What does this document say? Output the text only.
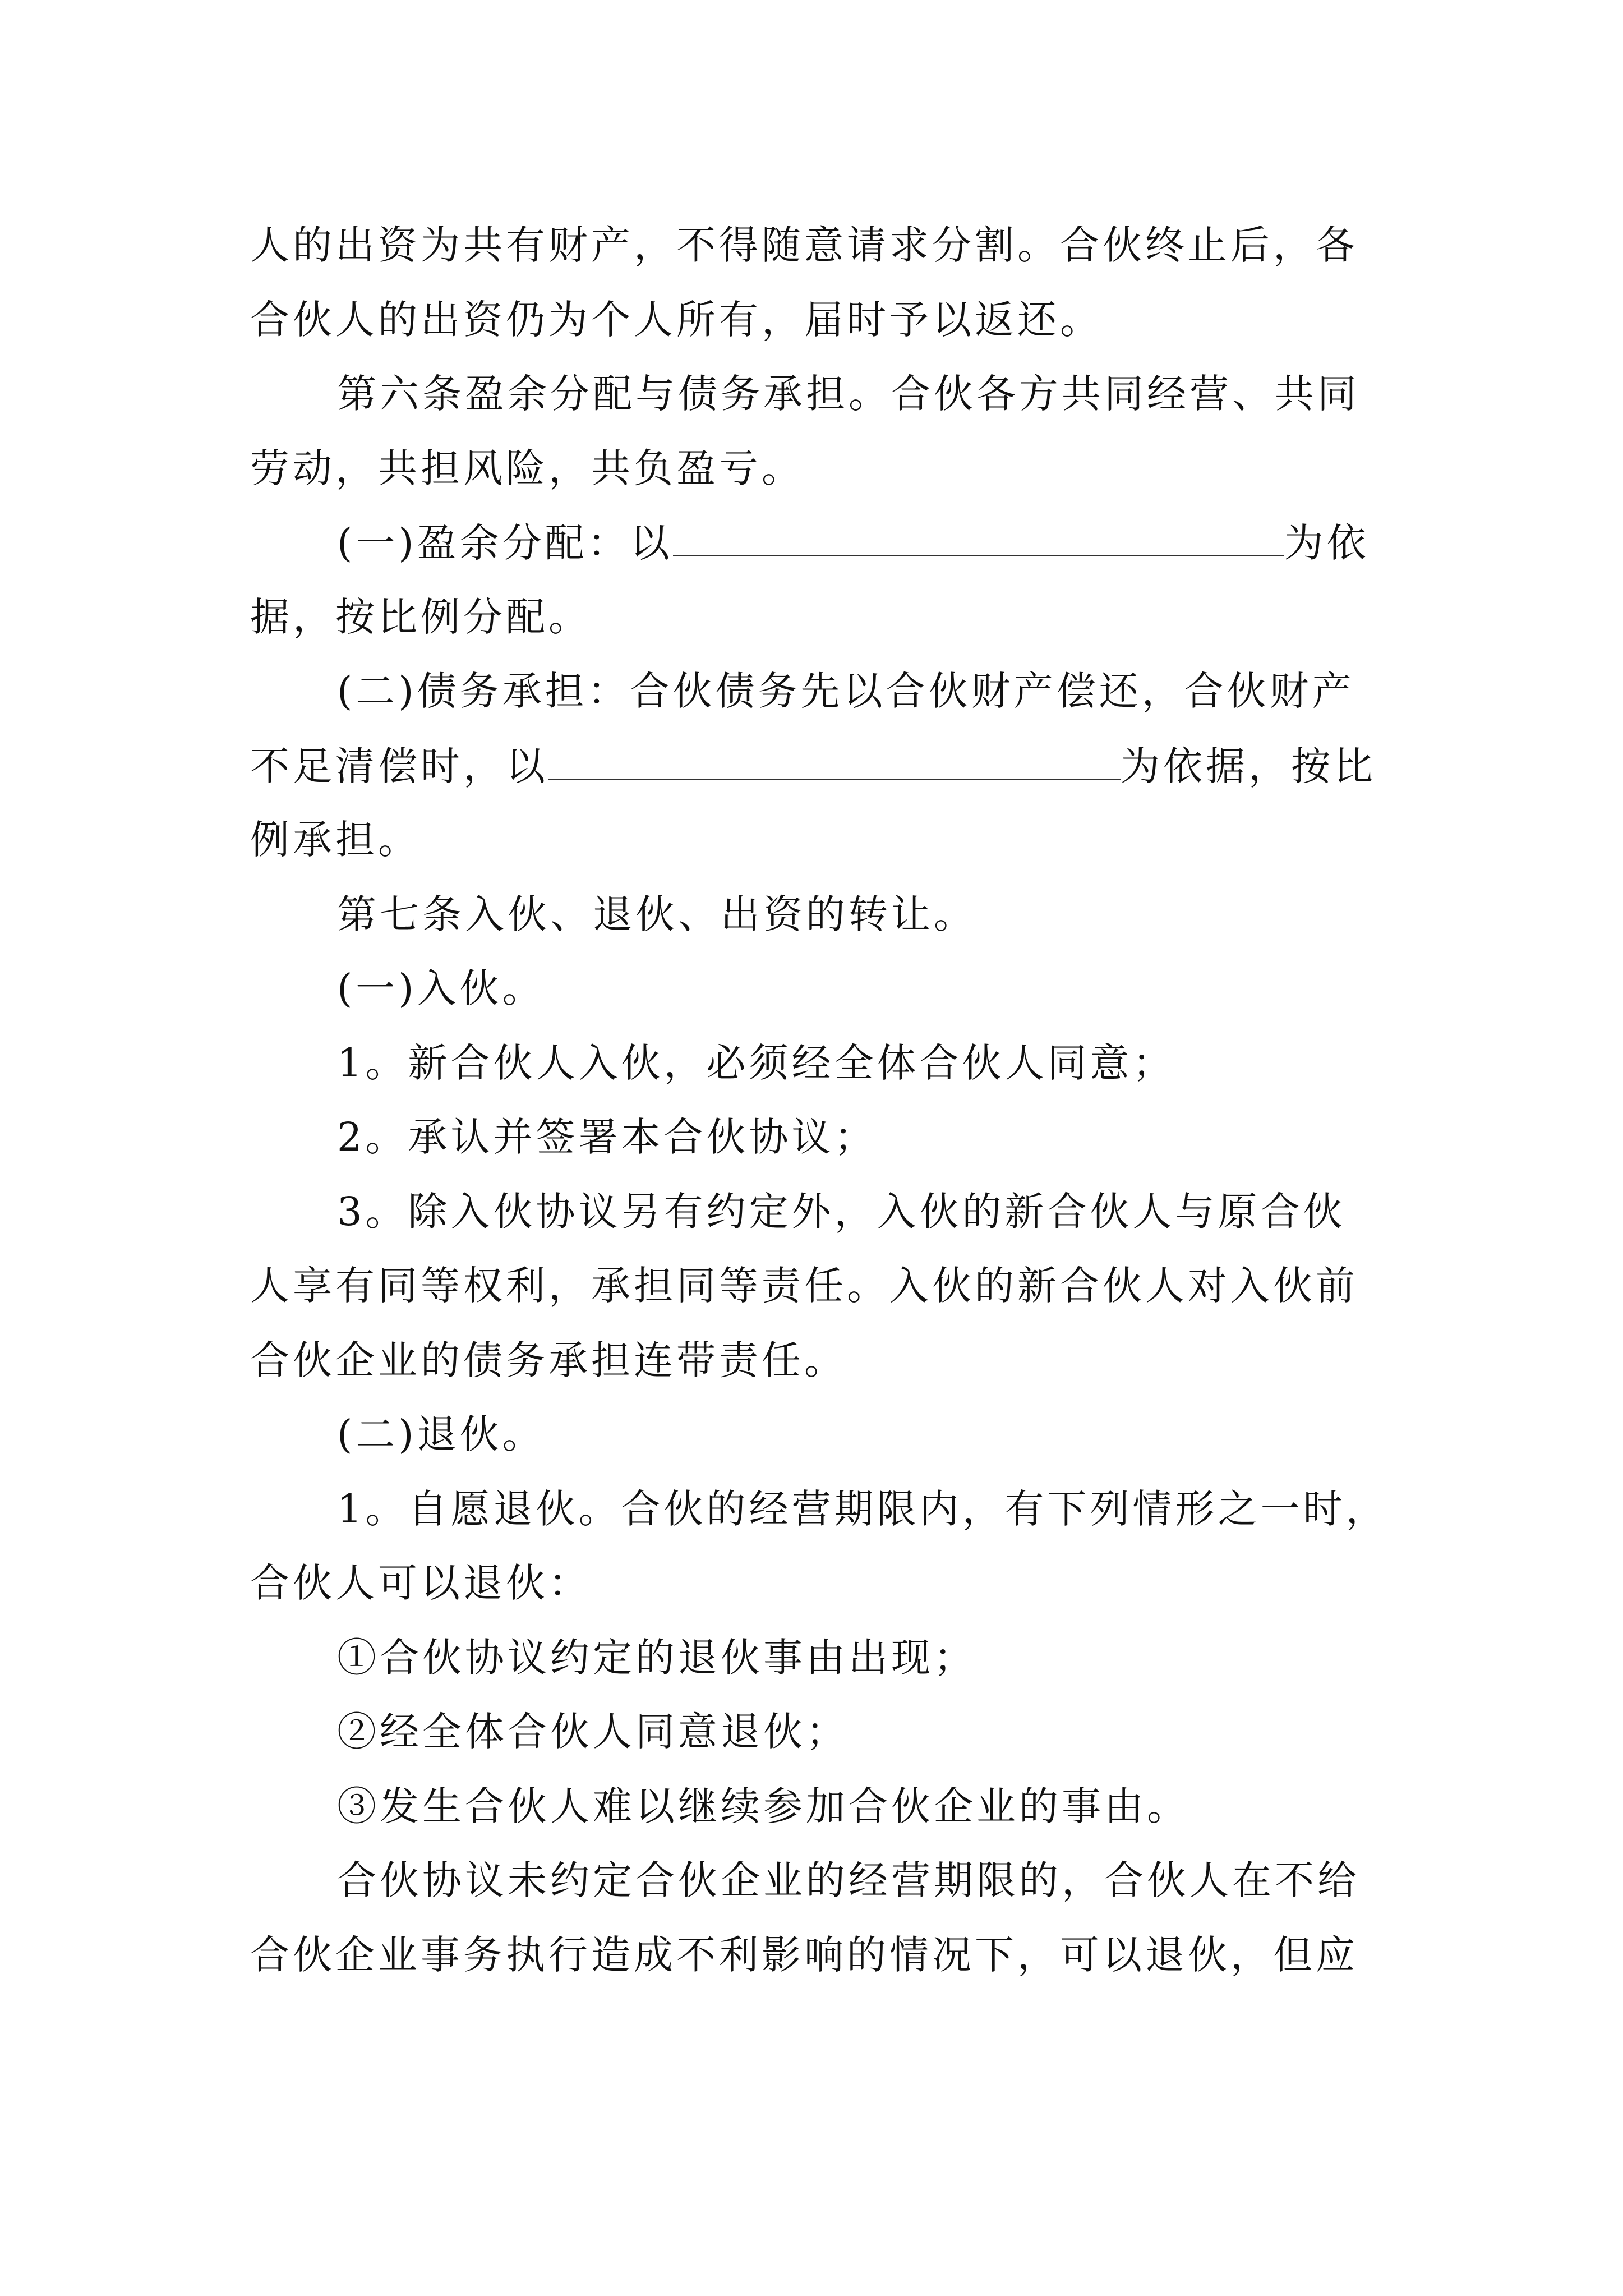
人的出资为共有财产，不得随意请求分割。合伙终止后，各
合伙人的出资仍为个人所有，届时予以返还。
第六条盈余分配与债务承担。合伙各方共同经营、共同
劳动，共担风险，共负盈亏。
(一)盈余分配：以	为依
据，按比例分配。
(二)债务承担：合伙债务先以合伙财产偿还，合伙财产
不足清偿时，以	为依据，按比
例承担。
第七条入伙、退伙、出资的转让。
(一)入伙。
1。新合伙人入伙，必须经全体合伙人同意；
2。承认并签署本合伙协议；
3。除入伙协议另有约定外，入伙的新合伙人与原合伙
人享有同等权利，承担同等责任。入伙的新合伙人对入伙前
合伙企业的债务承担连带责任。
(二)退伙。
1。自愿退伙。合伙的经营期限内，有下列情形之一时，
合伙人可以退伙：
①合伙协议约定的退伙事由出现；
②经全体合伙人同意退伙；
③发生合伙人难以继续参加合伙企业的事由。
合伙协议未约定合伙企业的经营期限的，合伙人在不给
合伙企业事务执行造成不利影响的情况下，可以退伙，但应
